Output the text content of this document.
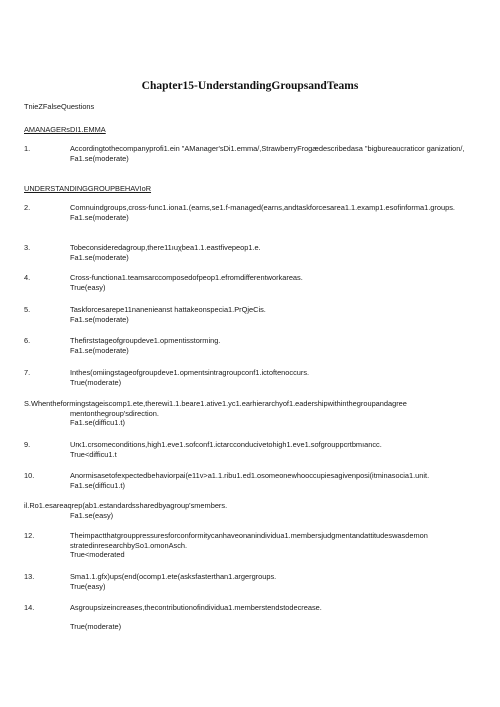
Chapter15-UnderstandingGroupsandTeams
TnieZFalseQuestions
AMANAGERsDI1.EMMA
1.	Accordingtothecompanyprofi1.ein "AManager'sDi1.emma/,StrawberryFrogædescribedasa "bigbureaucraticor ganization/,
Fa1.se(moderate)
UNDERSTANDINGGROUPBEHAVIoR
2.	Comnuindgroups,cross-func1.iona1.(earns,se1.f-managed(earns,andtaskforcesarea1.1.examp1.esofinforma1.groups.
Fa1.se(moderate)
3.	Tobeconsideredagroup,there11ıuχbea1.1.eastfivepeop1.e.
Fa1.se(moderate)
4.	Cross-functiona1.teamsarccomposedofpeop1.efromdifferentworkareas.
True(easy)
5.	Taskforcesarepe11nanenieanst hattakeonspecia1.PrQjeCis.
Fa1.se(moderate)
6.	Thefirststageofgroupdeve1.opmentisstorming.
Fa1.se(moderate)
7.	Inthes(omiingstageofgroupdeve1.opmentsintragroupconf1.ictoftenoccurs.
True(moderate)
S.Whentheformingstageiscomp1.ete,therewi1.1.beare1.ative1.yc1.earhierarchyof1.eadershipwithinthegroupandagree
mentonthegroup'sdirection.
Fa1.se(difficu1.t)
9.	Urκ1.crsomeconditions,high1.eve1.sofconf1.ictarcconducivetohigh1.eve1.sofgrouppсrtbmıancc.
True<difficu1.t
10.	Anormisasetofexpectedbehaviorpai(e11v>a1.1.ribu1.ed1.osomeonewhooccupiesagivenposi(itminasocia1.unit.
Fa1.se(difficu1.t)
il.Ro1.esareaqrep(ab1.estandardssharedbyagroup'smembers.
Fa1.se(easy)
12.	Theimpactthatgrouppressuresforconformitycanhaveonanindividua1.membersjudgmentandattitudeswasdemon stratedinresearchbySo1.omonAsch.
True<moderated
13.	Sma1.1.gfx)ups(end(ocomp1.ete(asksfasterthan1.argergroups.
True(easy)
14.	Asgroupsizeincreases,thecontributionofindividua1.memberstendstodecrease.
True(moderate)
